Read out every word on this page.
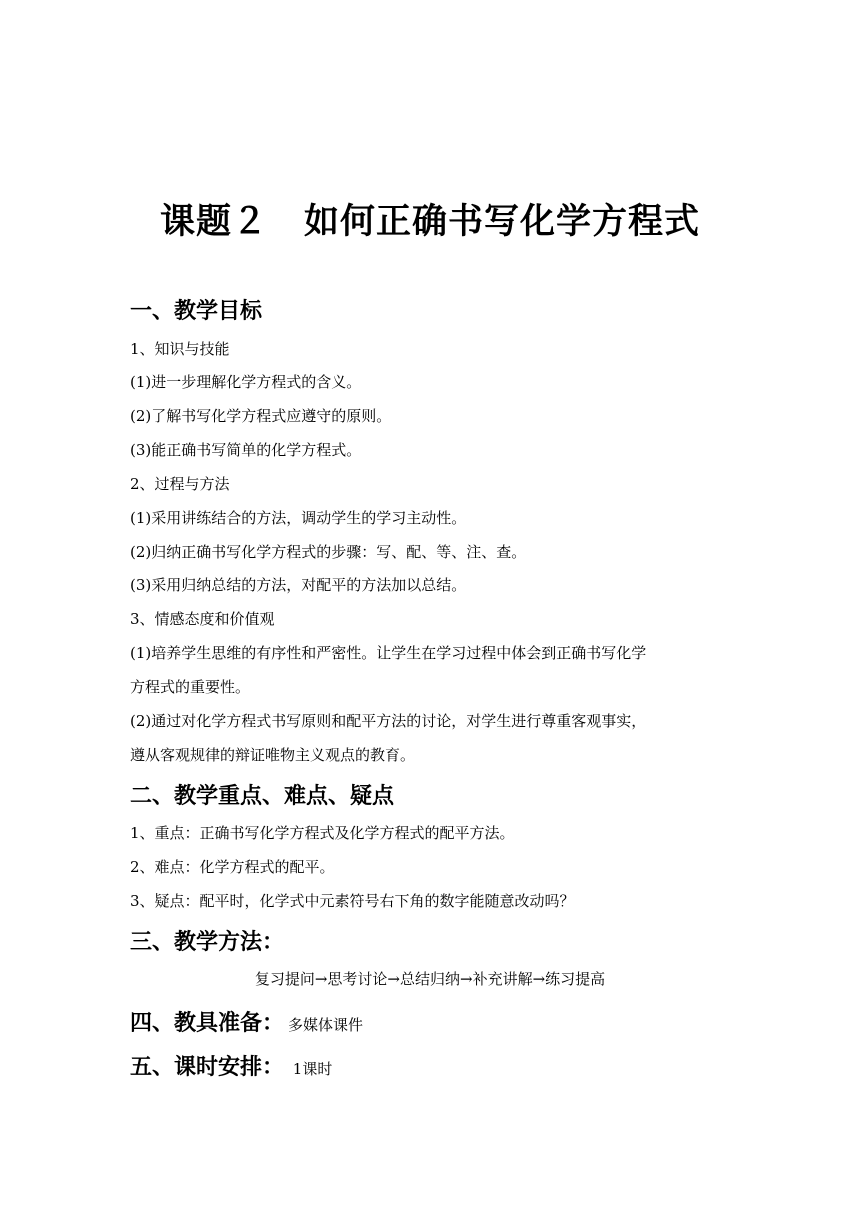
课题２　如何正确书写化学方程式
一、教学目标
1、知识与技能
(1)进一步理解化学方程式的含义。
(2)了解书写化学方程式应遵守的原则。
(3)能正确书写简单的化学方程式。
2、过程与方法
(1)采用讲练结合的方法，调动学生的学习主动性。
(2)归纳正确书写化学方程式的步骤：写、配、等、注、查。
(3)采用归纳总结的方法，对配平的方法加以总结。
3、情感态度和价值观
(1)培养学生思维的有序性和严密性。让学生在学习过程中体会到正确书写化学
方程式的重要性。
(2)通过对化学方程式书写原则和配平方法的讨论，对学生进行尊重客观事实，
遵从客观规律的辩证唯物主义观点的教育。
二、教学重点、难点、疑点
1、重点：正确书写化学方程式及化学方程式的配平方法。
2、难点：化学方程式的配平。
3、疑点：配平时，化学式中元素符号右下角的数字能随意改动吗？
三、教学方法：
复习提问→思考讨论→总结归纳→补充讲解→练习提高
四、教具准备： 多媒体课件
五、课时安排： 1课时
